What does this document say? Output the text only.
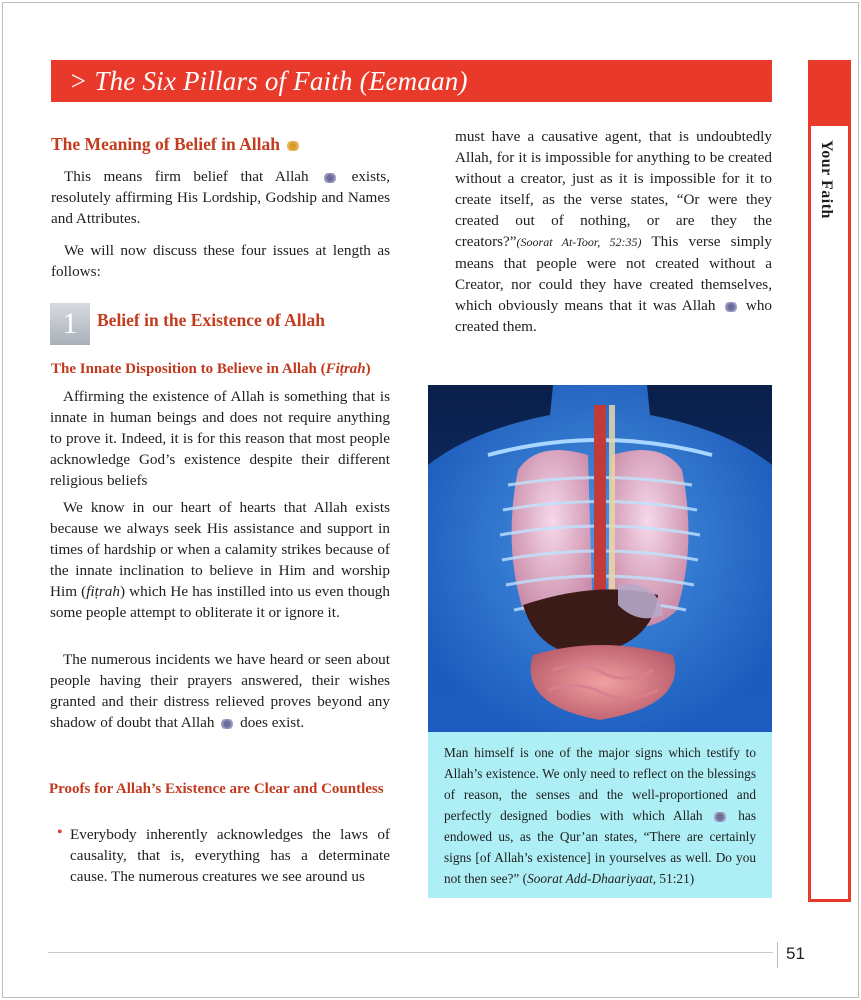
> The Six Pillars of Faith (Eemaan)
Your Faith
The Meaning of Belief in Allah

This means firm belief that Allah	exists, resolutely affirming His Lordship, Godship and Names and Attributes.

We will now discuss these four issues at length as follows:

1 Belief in the Existence of Allah
The Innate Disposition to Believe in Allah (Fiṭrah)

Affirming the existence of Allah is something that is innate in human beings and does not require anything to prove it. Indeed, it is for this reason that most people acknowledge God’s existence despite their different religious beliefs

We know in our heart of hearts that Allah exists because we always seek His assistance and support in times of hardship or when a calamity strikes because of the innate inclination to believe in Him and worship Him (fiṭrah) which He has instilled into us even though some people attempt to obliterate it or ignore it.

The numerous incidents we have heard or seen about people having their prayers answered, their wishes granted and their distress relieved proves beyond any shadow of doubt that Allah does exist.

Proofs for Allah’s Existence are Clear and Countless
• Everybody inherently acknowledges the laws of causality, that is, everything has a determinate cause. The numerous creatures we see around us

must have a causative agent, that is undoubtedly Allah, for it is impossible for anything to be created without a creator, just as it is impossible for it to create itself, as the verse states, “Or were they created out of nothing, or are they the creators?”(Soorat At-Toor, 52:35) This verse simply means that people were not created without a Creator, nor could they have created themselves, which obviously means that it was Allah who created them.

Man himself is one of the major signs which testify to Allah’s existence. We only need to reflect on the blessings of reason, the senses and the well-proportioned and perfectly designed bodies with which Allah	has endowed us, as the Qur’an states, “There are certainly signs [of Allah’s existence] in yourselves as well. Do you not then see?” (Soorat Add-Dhaariyaat, 51:21)

51
